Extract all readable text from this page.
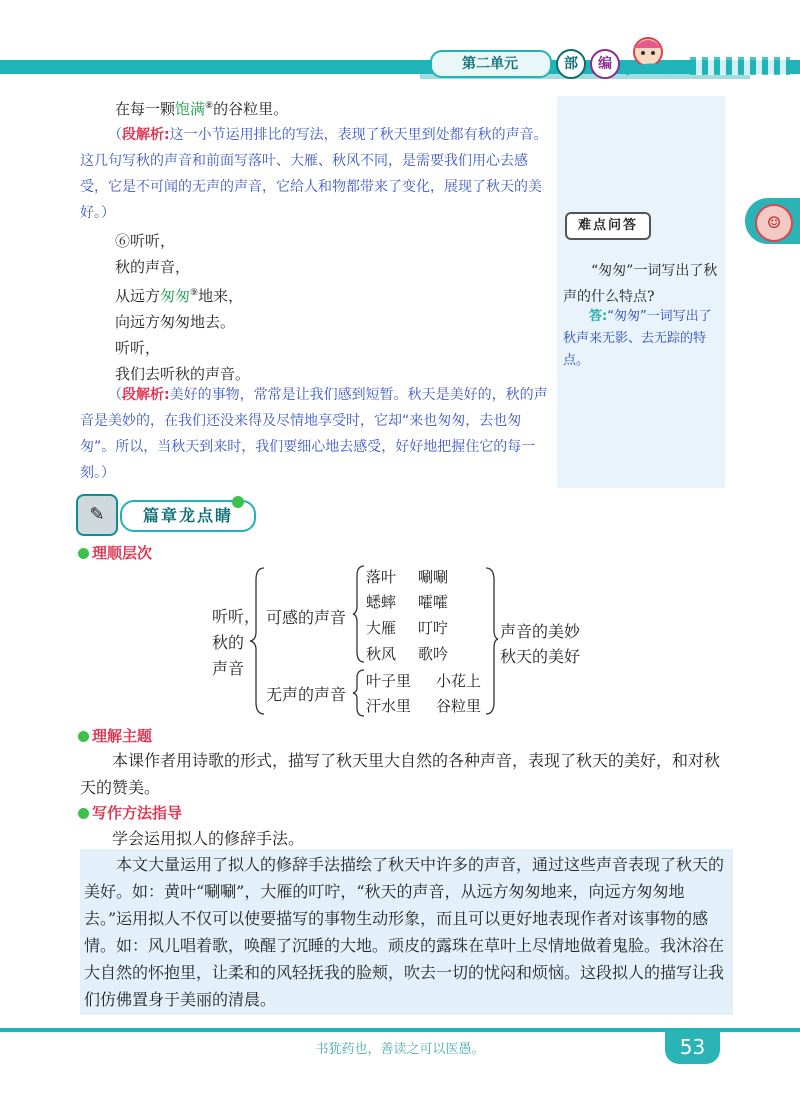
第二单元	部	编
☺
难点问答
“匆匆”一词写出了秋声的什么特点?
答:“匆匆”一词写出了秋声来无影、去无踪的特点。
在每一颗饱满⑧的谷粒里。
（段解析:这一小节运用排比的写法，表现了秋天里到处都有秋的声音。这几句写秋的声音和前面写落叶、大雁、秋风不同，是需要我们用心去感受，它是不可闻的无声的声音，它给人和物都带来了变化，展现了秋天的美好。）
⑥听听，
秋的声音，
从远方匆匆⑨地来，
向远方匆匆地去。
听听，
我们去听秋的声音。
（段解析:美好的事物，常常是让我们感到短暂。秋天是美好的，秋的声音是美妙的，在我们还没来得及尽情地享受时，它却“来也匆匆，去也匆匆”。所以，当秋天到来时，我们要细心地去感受，好好地把握住它的每一刻。）
✎	篇章龙点睛
理顺层次
听听，
秋的
声音
可感的声音
无声的声音
落叶 唰唰
蟋蟀 嚯嚯
大雁 叮咛
秋风 歌吟
叶子里 小花上
汗水里 谷粒里
声音的美妙
秋天的美好
理解主题
本课作者用诗歌的形式，描写了秋天里大自然的各种声音，表现了秋天的美好，和对秋天的赞美。
写作方法指导
学会运用拟人的修辞手法。
本文大量运用了拟人的修辞手法描绘了秋天中许多的声音，通过这些声音表现了秋天的美好。如：黄叶“唰唰”，大雁的叮咛，“秋天的声音，从远方匆匆地来，向远方匆匆地去。”运用拟人不仅可以使要描写的事物生动形象，而且可以更好地表现作者对该事物的感情。如：风儿唱着歌，唤醒了沉睡的大地。顽皮的露珠在草叶上尽情地做着鬼脸。我沐浴在大自然的怀抱里，让柔和的风轻抚我的脸颊，吹去一切的忧闷和烦恼。这段拟人的描写让我们仿佛置身于美丽的清晨。
书犹药也，善读之可以医愚。	53
